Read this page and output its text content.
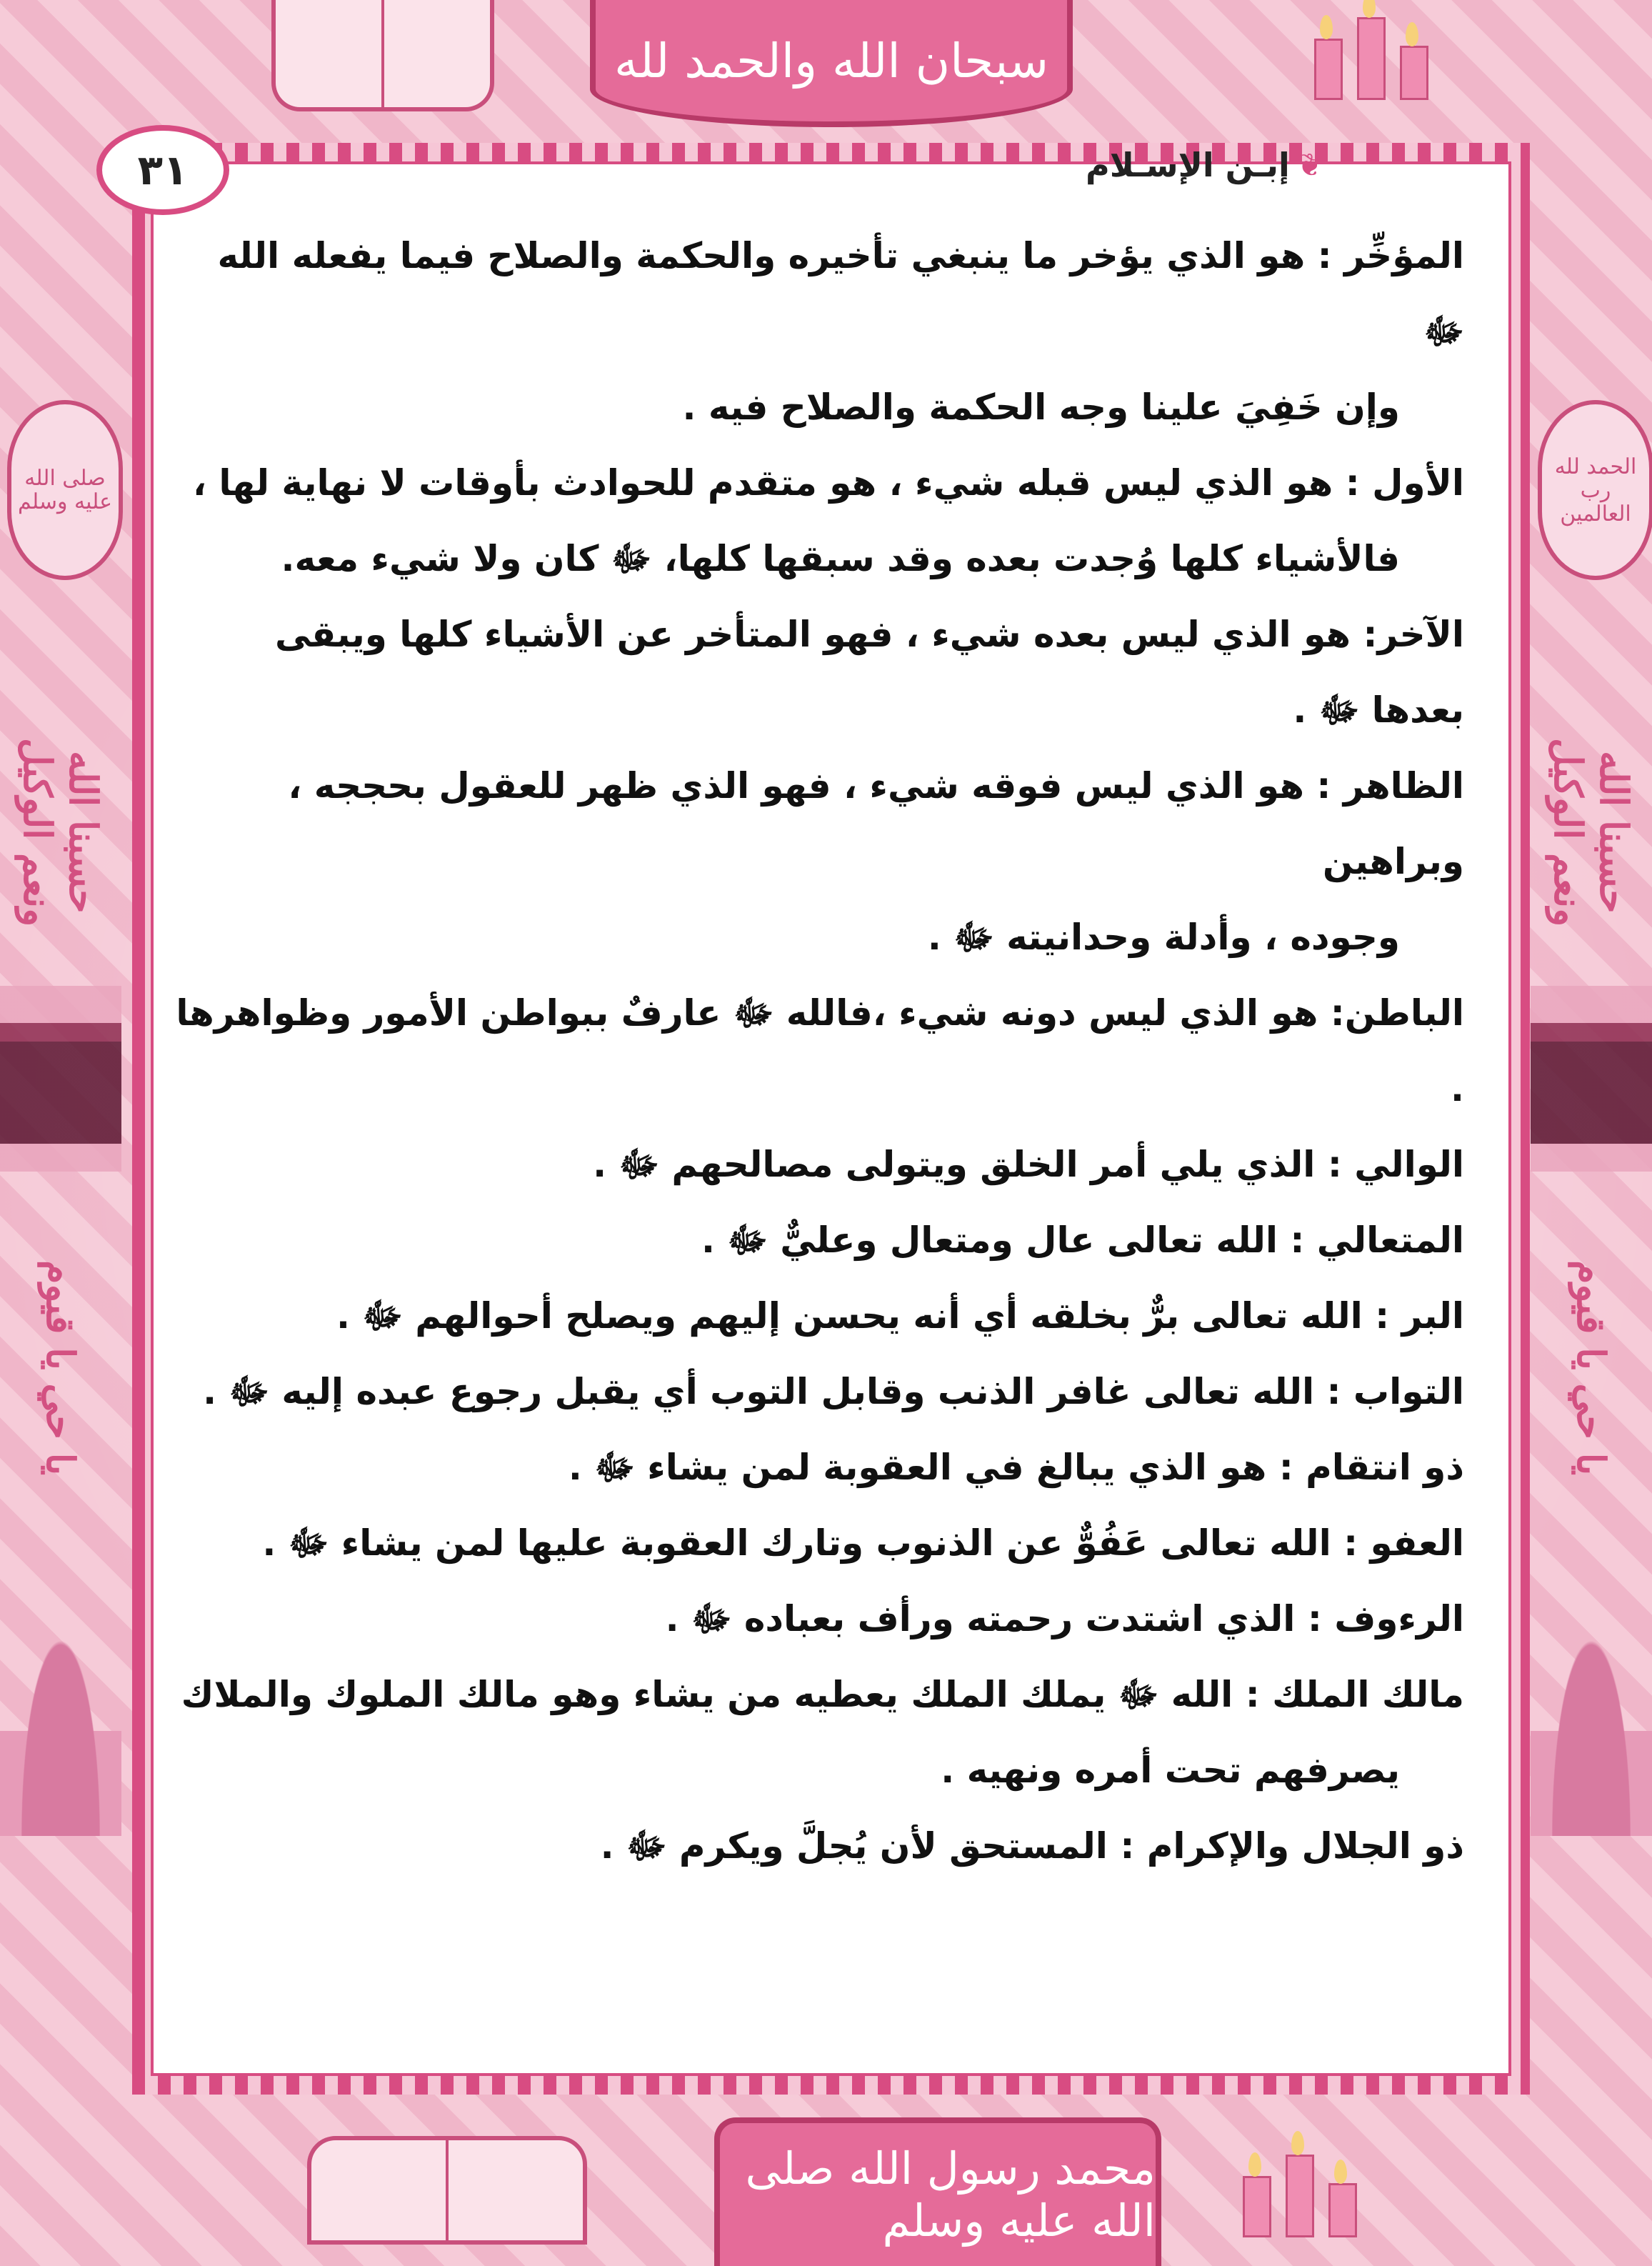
صلى الله عليه وسلم
حسبنا الله ونعم الوكيل
يا حي يا قيوم
الحمد لله رب العالمين
حسبنا الله ونعم الوكيل
يا حي يا قيوم
سبحان الله والحمد لله
٣١	❦
إبـن الإسـلام
المؤخِّر : هو الذي يؤخر ما ينبغي تأخيره والحكمة والصلاح فيما يفعله الله ﷻ
وإن خَفِيَ علينا وجه الحكمة والصلاح فيه .
الأول : هو الذي ليس قبله شيء ، هو متقدم للحوادث بأوقات لا نهاية لها ،
فالأشياء كلها وُجدت بعده وقد سبقها كلها، ﷻ كان ولا شيء معه.
الآخر: هو الذي ليس بعده شيء ، فهو المتأخر عن الأشياء كلها ويبقى بعدها ﷻ .
الظاهر : هو الذي ليس فوقه شيء ، فهو الذي ظهر للعقول بحججه ، وبراهين
وجوده ، وأدلة وحدانيته ﷻ .
الباطن: هو الذي ليس دونه شيء ،فالله ﷻ عارفٌ ببواطن الأمور وظواهرها .
الوالي : الذي يلي أمر الخلق ويتولى مصالحهم ﷻ .
المتعالي : الله تعالى عال ومتعال وعليٌّ ﷻ .
البر : الله تعالى برٌّ بخلقه أي أنه يحسن إليهم ويصلح أحوالهم ﷻ .
التواب : الله تعالى غافر الذنب وقابل التوب أي يقبل رجوع عبده إليه ﷻ .
ذو انتقام : هو الذي يبالغ في العقوبة لمن يشاء ﷻ .
العفو : الله تعالى عَفُوٌّ عن الذنوب وتارك العقوبة عليها لمن يشاء ﷻ .
الرءوف : الذي اشتدت رحمته ورأف بعباده ﷻ .
مالك الملك : الله ﷻ يملك الملك يعطيه من يشاء وهو مالك الملوك والملاك
يصرفهم تحت أمره ونهيه .
ذو الجلال والإكرام : المستحق لأن يُجلَّ ويكرم ﷻ .
محمد رسول الله صلى الله عليه وسلم
